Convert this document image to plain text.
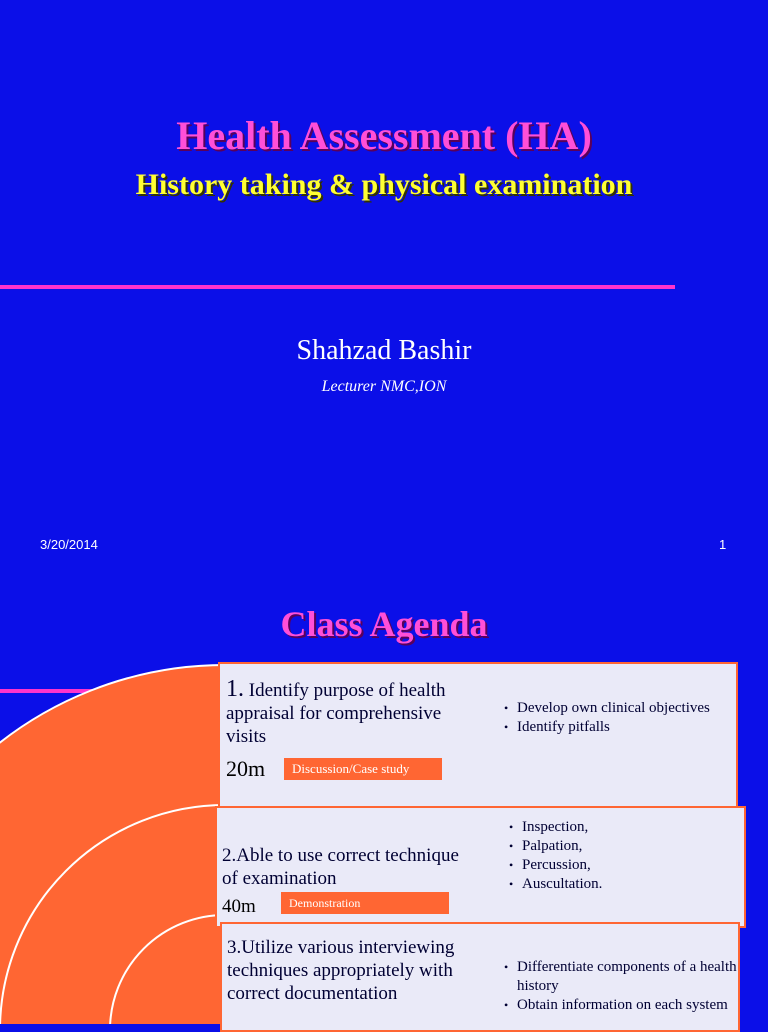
Health Assessment (HA)
History taking & physical examination
Shahzad Bashir
Lecturer NMC,ION
3/20/2014	1
Class Agenda
1. Identify purpose of health appraisal for comprehensive visits
20m	Discussion/Case study
• Develop own clinical objectives
• Identify pitfalls
2.Able to use correct technique of examination
40m	Demonstration
• Inspection,
• Palpation,
• Percussion,
• Auscultation.
3.Utilize various interviewing techniques appropriately with correct documentation
• Differentiate components of a health history
• Obtain information on each system
